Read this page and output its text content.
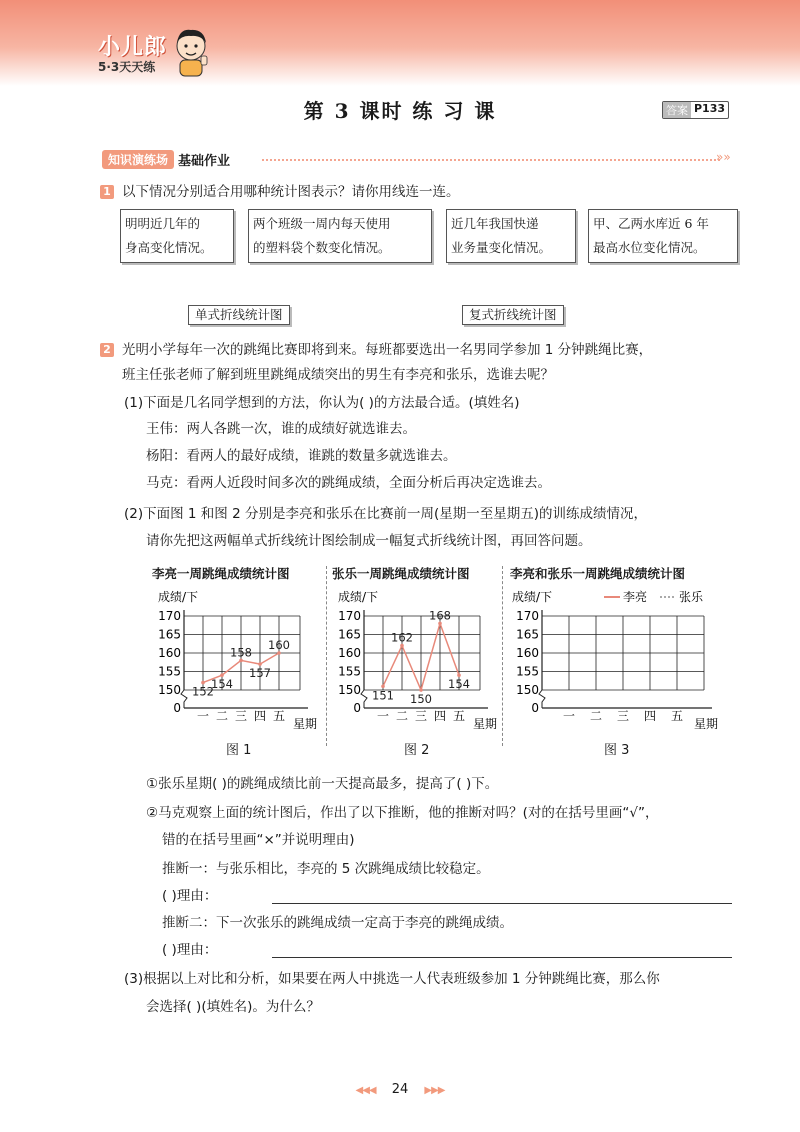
小儿郎
5·3天天练
第 3 课时 练 习 课	答案 P133
知识演练场 基础作业	»»
1 以下情况分别适合用哪种统计图表示？请你用线连一连。
明明近几年的
身高变化情况。
两个班级一周内每天使用
的塑料袋个数变化情况。
近几年我国快递
业务量变化情况。
甲、乙两水库近 6 年
最高水位变化情况。
单式折线统计图	复式折线统计图
2 光明小学每年一次的跳绳比赛即将到来。每班都要选出一名男同学参加 1 分钟跳绳比赛，
班主任张老师了解到班里跳绳成绩突出的男生有李亮和张乐，选谁去呢？
(1)下面是几名同学想到的方法，你认为( )的方法最合适。(填姓名)
王伟：两人各跳一次，谁的成绩好就选谁去。
杨阳：看两人的最好成绩，谁跳的数量多就选谁去。
马克：看两人近段时间多次的跳绳成绩，全面分析后再决定选谁去。
(2)下面图 1 和图 2 分别是李亮和张乐在比赛前一周(星期一至星期五)的训练成绩情况，
请你先把这两幅单式折线统计图绘制成一幅复式折线统计图，再回答问题。
李亮一周跳绳成绩统计图	张乐一周跳绳成绩统计图	李亮和张乐一周跳绳成绩统计图
成绩/下
170
165
160
155
150
0
一 二 三 四 五
星期
152
154
158
157
160
成绩/下
170
165
160
155
150
0
一 二 三 四 五
星期
151
162
150
168
154
成绩/下	李亮	张乐
170
165
160
155
150
0
一 二 三 四 五
星期
图 1	图 2	图 3
①张乐星期( )的跳绳成绩比前一天提高最多，提高了( )下。
②马克观察上面的统计图后，作出了以下推断，他的推断对吗？(对的在括号里画“√”，
错的在括号里画“×”并说明理由)
推断一：与张乐相比，李亮的 5 次跳绳成绩比较稳定。
( )理由：
推断二：下一次张乐的跳绳成绩一定高于李亮的跳绳成绩。
( )理由：
(3)根据以上对比和分析，如果要在两人中挑选一人代表班级参加 1 分钟跳绳比赛，那么你
会选择( )(填姓名)。为什么？
◀◀◀ 24 ▶▶▶
